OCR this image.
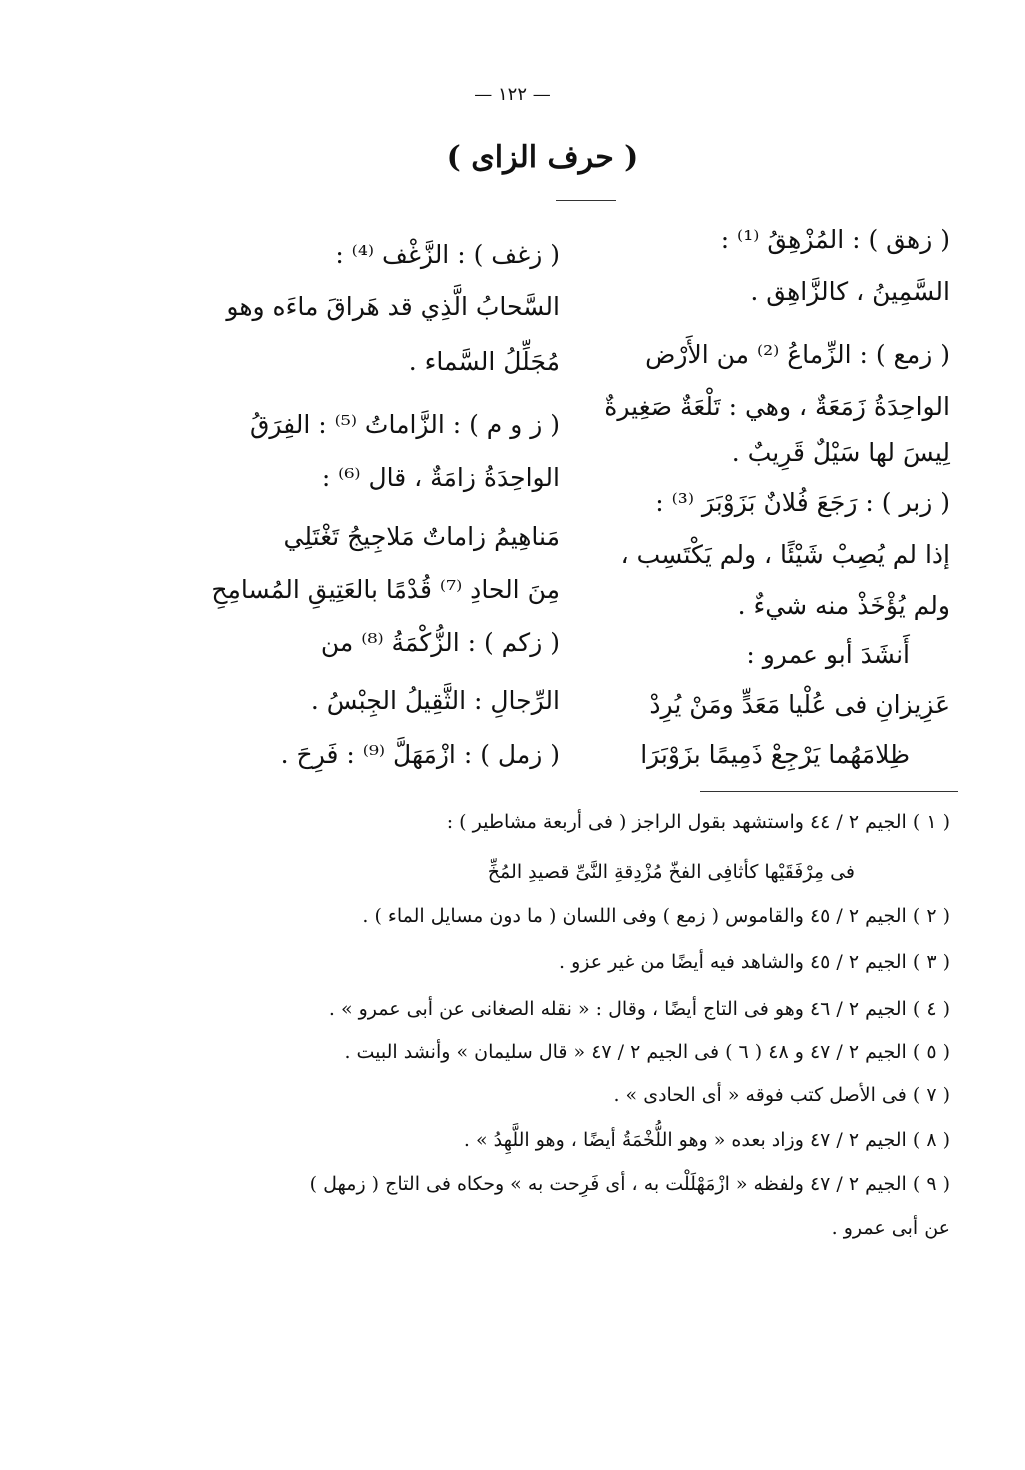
— ١٢٢ —
( حرف الزاى )
( زهق ) : المُزْهِقُ ⁽¹⁾ :
السَّمِينُ ، كالزَّاهِق .
( زمع ) : الزِّماعُ ⁽²⁾ من الأَرْض
الواحِدَةُ زَمَعَةٌ ، وهي : تَلْعَةٌ صَغِيرةٌ
لِيسَ لها سَيْلٌ قَرِيبٌ .
( زبر ) : رَجَعَ فُلانٌ بَزَوْبَرَ ⁽³⁾ :
إذا لم يُصِبْ شَيْئًا ، ولم يَكْتَسِب ،
ولم يُؤْخَذْ منه شيءٌ .
أَنشَدَ أبو عمرو :
عَزِيزانِ فى عُلْيا مَعَدٍّ ومَنْ يُرِدْ
ظِلامَهُما يَرْجِعْ ذَمِيمًا بزَوْبَرَا
( زغف ) : الزَّغْف ⁽⁴⁾ :
السَّحابُ الَّذِي قد هَراقَ ماءَه وهو
مُجَلِّلُ السَّماء .
( ز و م ) : الزَّاماتُ ⁽⁵⁾ : الفِرَقُ
الواحِدَةُ زامَةٌ ، قال ⁽⁶⁾ :
مَناهِيمُ زاماتٌ مَلاجِيجُ تَغْتَلِي
مِنَ الحادِ ⁽⁷⁾ قُدْمًا بالعَتِيقِ المُسامِحِ
( زكم ) : الزُّكْمَةُ ⁽⁸⁾ من
الرِّجالِ : الثَّقِيلُ الجِبْسُ .
( زمل ) : ازْمَهَلَّ ⁽⁹⁾ : فَرِحَ .
( ١ ) الجيم ٢ / ٤٤ واستشهد بقول الراجز ( فى أربعة مشاطير ) :
فى مِرْفَقَيْها كأثافِى الفخّ مُزْدِقةِ النَّىِّ قصيدِ المُخِّ
( ٢ ) الجيم ٢ / ٤٥ والقاموس ( زمع ) وفى اللسان ( ما دون مسايل الماء ) .
( ٣ ) الجيم ٢ / ٤٥ والشاهد فيه أيضًا من غير عزو .
( ٤ ) الجيم ٢ / ٤٦ وهو فى التاج أيضًا ، وقال : « نقله الصغانى عن أبى عمرو » .
( ٥ ) الجيم ٢ / ٤٧ و ٤٨ ( ٦ ) فى الجيم ٢ / ٤٧ « قال سليمان » وأنشد البيت .
( ٧ ) فى الأصل كتب فوقه « أى الحادى » .
( ٨ ) الجيم ٢ / ٤٧ وزاد بعده « وهو اللُّخْمَةُ أيضًا ، وهو اللَّهِدُ » .
( ٩ ) الجيم ٢ / ٤٧ ولفظه « ازْمَهْلَلْت به ، أى فَرِحت به » وحكاه فى التاج ( زمهل )
عن أبى عمرو .
